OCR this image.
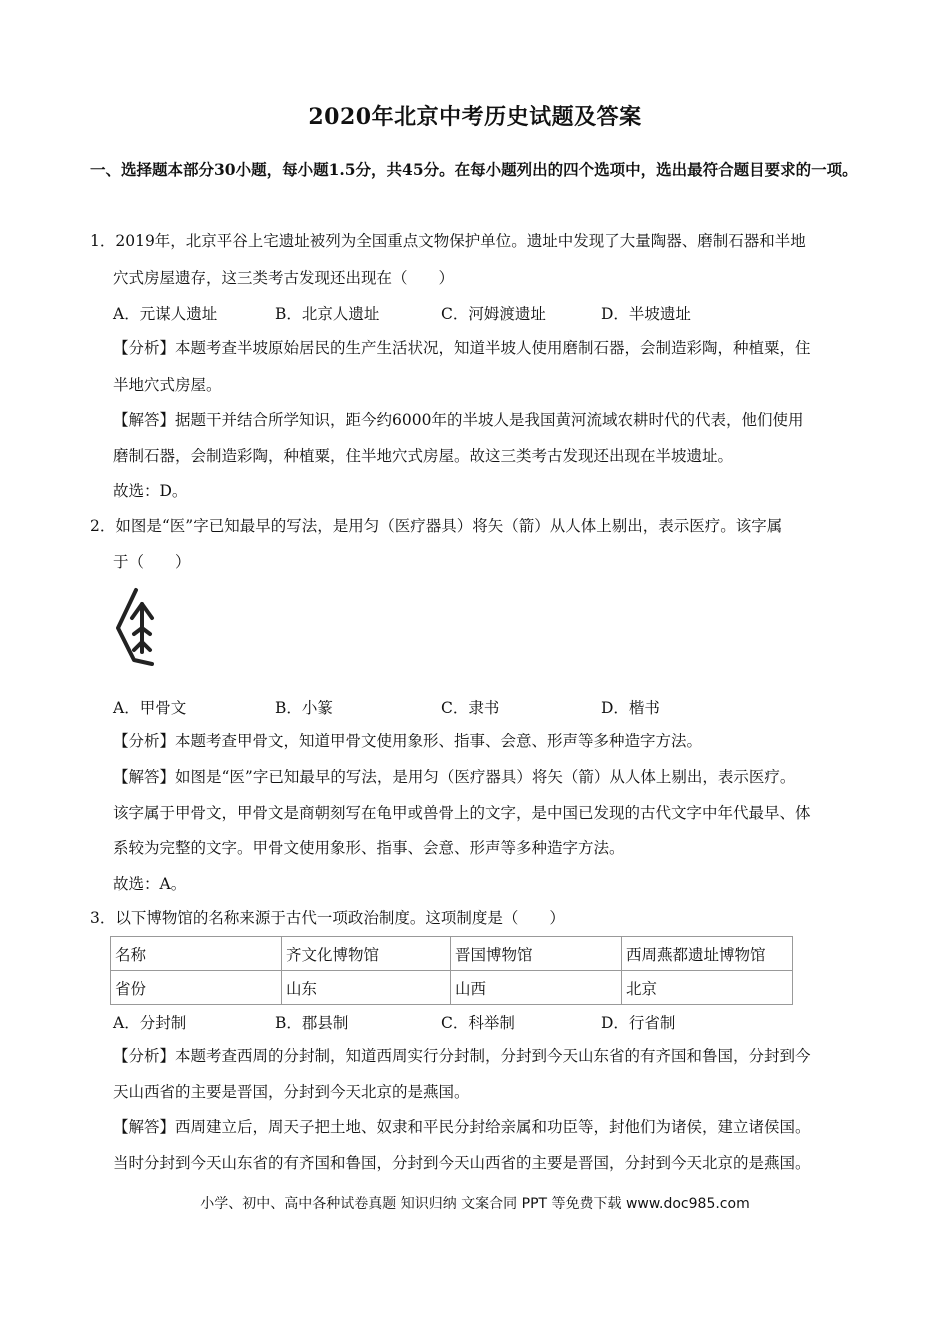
2020年北京中考历史试题及答案
一、选择题本部分30小题，每小题1.5分，共45分。在每小题列出的四个选项中，选出最符合题目要求的一项。
1．2019年，北京平谷上宅遗址被列为全国重点文物保护单位。遗址中发现了大量陶器、磨制石器和半地
穴式房屋遗存，这三类考古发现还出现在（　　）
A．元谋人遗址	B．北京人遗址	C．河姆渡遗址	D．半坡遗址
【分析】本题考查半坡原始居民的生产生活状况，知道半坡人使用磨制石器，会制造彩陶，种植粟，住
半地穴式房屋。
【解答】据题干并结合所学知识，距今约6000年的半坡人是我国黄河流域农耕时代的代表，他们使用
磨制石器，会制造彩陶，种植粟，住半地穴式房屋。故这三类考古发现还出现在半坡遗址。
故选：D。
2．如图是“医”字已知最早的写法，是用匀（医疗器具）将矢（箭）从人体上剔出，表示医疗。该字属
于（　　）
A．甲骨文	B．小篆	C．隶书	D．楷书
【分析】本题考查甲骨文，知道甲骨文使用象形、指事、会意、形声等多种造字方法。
【解答】如图是“医”字已知最早的写法，是用匀（医疗器具）将矢（箭）从人体上剔出，表示医疗。
该字属于甲骨文，甲骨文是商朝刻写在龟甲或兽骨上的文字，是中国已发现的古代文字中年代最早、体
系较为完整的文字。甲骨文使用象形、指事、会意、形声等多种造字方法。
故选：A。
3．以下博物馆的名称来源于古代一项政治制度。这项制度是（　　）
名称	齐文化博物馆	晋国博物馆	西周燕都遗址博物馆
省份	山东	山西	北京
A．分封制	B．郡县制	C．科举制	D．行省制
【分析】本题考查西周的分封制，知道西周实行分封制，分封到今天山东省的有齐国和鲁国，分封到今
天山西省的主要是晋国，分封到今天北京的是燕国。
【解答】西周建立后，周天子把土地、奴隶和平民分封给亲属和功臣等，封他们为诸侯，建立诸侯国。
当时分封到今天山东省的有齐国和鲁国，分封到今天山西省的主要是晋国，分封到今天北京的是燕国。
小学、初中、高中各种试卷真题 知识归纳 文案合同 PPT 等免费下载 www.doc985.com
